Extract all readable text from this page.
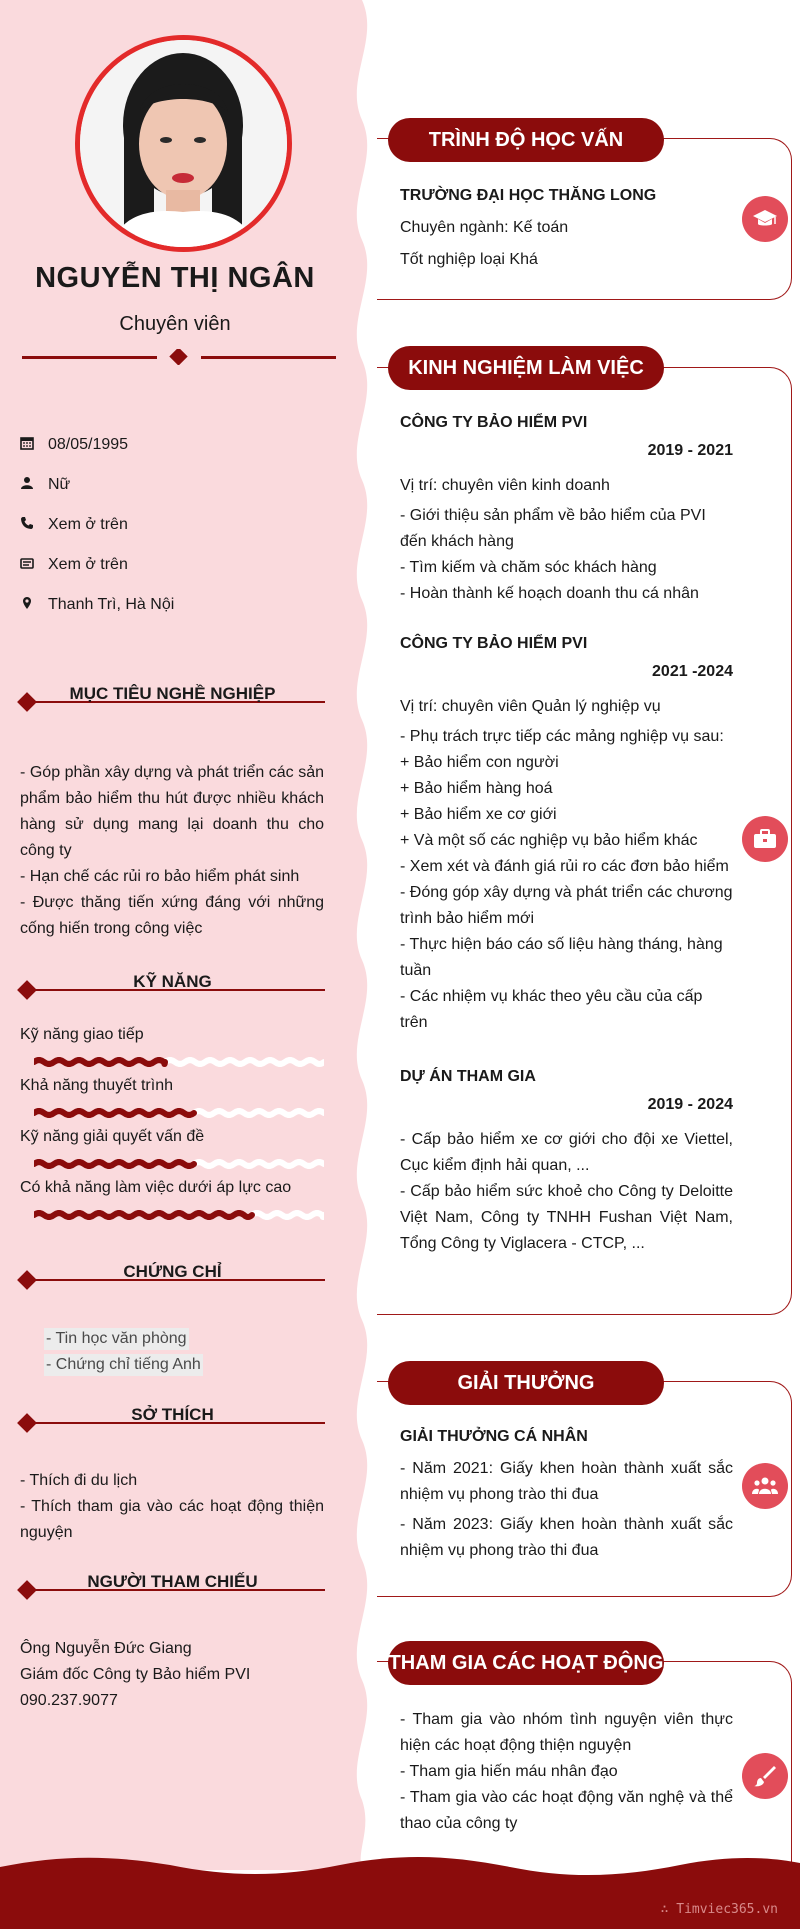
NGUYỄN THỊ NGÂN
Chuyên viên
08/05/1995
Nữ
Xem ở trên
Xem ở trên
Thanh Trì, Hà Nội
MỤC TIÊU NGHỀ NGHIỆP

- Góp phần xây dựng và phát triển các sản phẩm bảo hiểm thu hút được nhiều khách hàng sử dụng mang lại doanh thu cho công ty

- Hạn chế các rủi ro bảo hiểm phát sinh

- Được thăng tiến xứng đáng với những cống hiến trong công việc

KỸ NĂNG
Kỹ năng giao tiếp
Khả năng thuyết trình
Kỹ năng giải quyết vấn đề
Có khả năng làm việc dưới áp lực cao
CHỨNG CHỈ
- Tin học văn phòng
- Chứng chỉ tiếng Anh
SỞ THÍCH

- Thích đi du lịch

- Thích tham gia vào các hoạt động thiện nguyện

NGƯỜI THAM CHIẾU

Ông Nguyễn Đức Giang

Giám đốc Công ty Bảo hiểm PVI

090.237.9077

TRÌNH ĐỘ HỌC VẤN
TRƯỜNG ĐẠI HỌC THĂNG LONG
Chuyên ngành: Kế toán
Tốt nghiệp loại Khá
KINH NGHIỆM LÀM VIỆC
CÔNG TY BẢO HIỂM PVI
2019 - 2021
Vị trí: chuyên viên kinh doanh

- Giới thiệu sản phẩm về bảo hiểm của PVI đến khách hàng

- Tìm kiếm và chăm sóc khách hàng

- Hoàn thành kế hoạch doanh thu cá nhân

CÔNG TY BẢO HIỂM PVI
2021 -2024
Vị trí: chuyên viên Quản lý nghiệp vụ

- Phụ trách trực tiếp các mảng nghiệp vụ sau:

+ Bảo hiểm con người

+ Bảo hiểm hàng hoá

+ Bảo hiểm xe cơ giới

+ Và một số các nghiệp vụ bảo hiểm khác

- Xem xét và đánh giá rủi ro các đơn bảo hiểm

- Đóng góp xây dựng và phát triển các chương trình bảo hiểm mới

- Thực hiện báo cáo số liệu hàng tháng, hàng tuần

- Các nhiệm vụ khác theo yêu cầu của cấp trên

DỰ ÁN THAM GIA
2019 - 2024

- Cấp bảo hiểm xe cơ giới cho đội xe Viettel, Cục kiểm định hải quan, ...

- Cấp bảo hiểm sức khoẻ cho Công ty Deloitte Việt Nam, Công ty TNHH Fushan Việt Nam, Tổng Công ty Viglacera - CTCP, ...

GIẢI THƯỞNG
GIẢI THƯỞNG CÁ NHÂN

- Năm 2021: Giấy khen hoàn thành xuất sắc nhiệm vụ phong trào thi đua

- Năm 2023: Giấy khen hoàn thành xuất sắc nhiệm vụ phong trào thi đua

THAM GIA CÁC HOẠT ĐỘNG

- Tham gia vào nhóm tình nguyện viên thực hiện các hoạt động thiện nguyện

- Tham gia hiến máu nhân đạo

- Tham gia vào các hoạt động văn nghệ và thể thao của công ty

∴ Timviec365.vn
